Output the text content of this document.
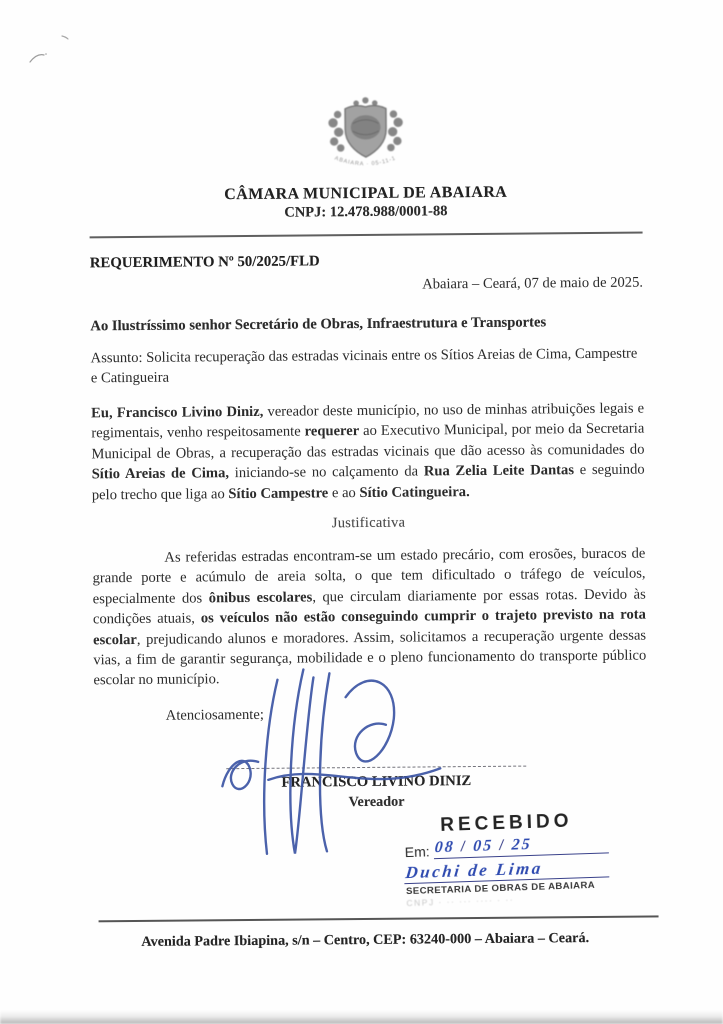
ABAIARA · 05-11-1957
CÂMARA MUNICIPAL DE ABAIARA
CNPJ: 12.478.988/0001-88
REQUERIMENTO Nº 50/2025/FLD
Abaiara – Ceará, 07 de maio de 2025.
Ao Ilustríssimo senhor Secretário de Obras, Infraestrutura e Transportes
Assunto: Solicita recuperação das estradas vicinais entre os Sítios Areias de Cima, Campestre e Catingueira
Eu, Francisco Livino Diniz, vereador deste município, no uso de minhas atribuições legais e regimentais, venho respeitosamente requerer ao Executivo Municipal, por meio da Secretaria Municipal de Obras, a recuperação das estradas vicinais que dão acesso às comunidades do Sítio Areias de Cima, iniciando-se no calçamento da Rua Zelia Leite Dantas e seguindo pelo trecho que liga ao Sítio Campestre e ao Sítio Catingueira.
Justificativa
As referidas estradas encontram-se um estado precário, com erosões, buracos de grande porte e acúmulo de areia solta, o que tem dificultado o tráfego de veículos, especialmente dos ônibus escolares, que circulam diariamente por essas rotas. Devido às condições atuais, os veículos não estão conseguindo cumprir o trajeto previsto na rota escolar, prejudicando alunos e moradores. Assim, solicitamos a recuperação urgente dessas vias, a fim de garantir segurança, mobilidade e o pleno funcionamento do transporte público escolar no município.
Atenciosamente;
FRANCISCO LIVINO DINIZ
Vereador
RECEBIDO
Em: 08 / 05 / 25
Duchi de Lima
SECRETARIA DE OBRAS DE ABAIARA
CNPJ · ·· ··· ···· · ··
Avenida Padre Ibiapina, s/n – Centro, CEP: 63240-000 – Abaiara – Ceará.
